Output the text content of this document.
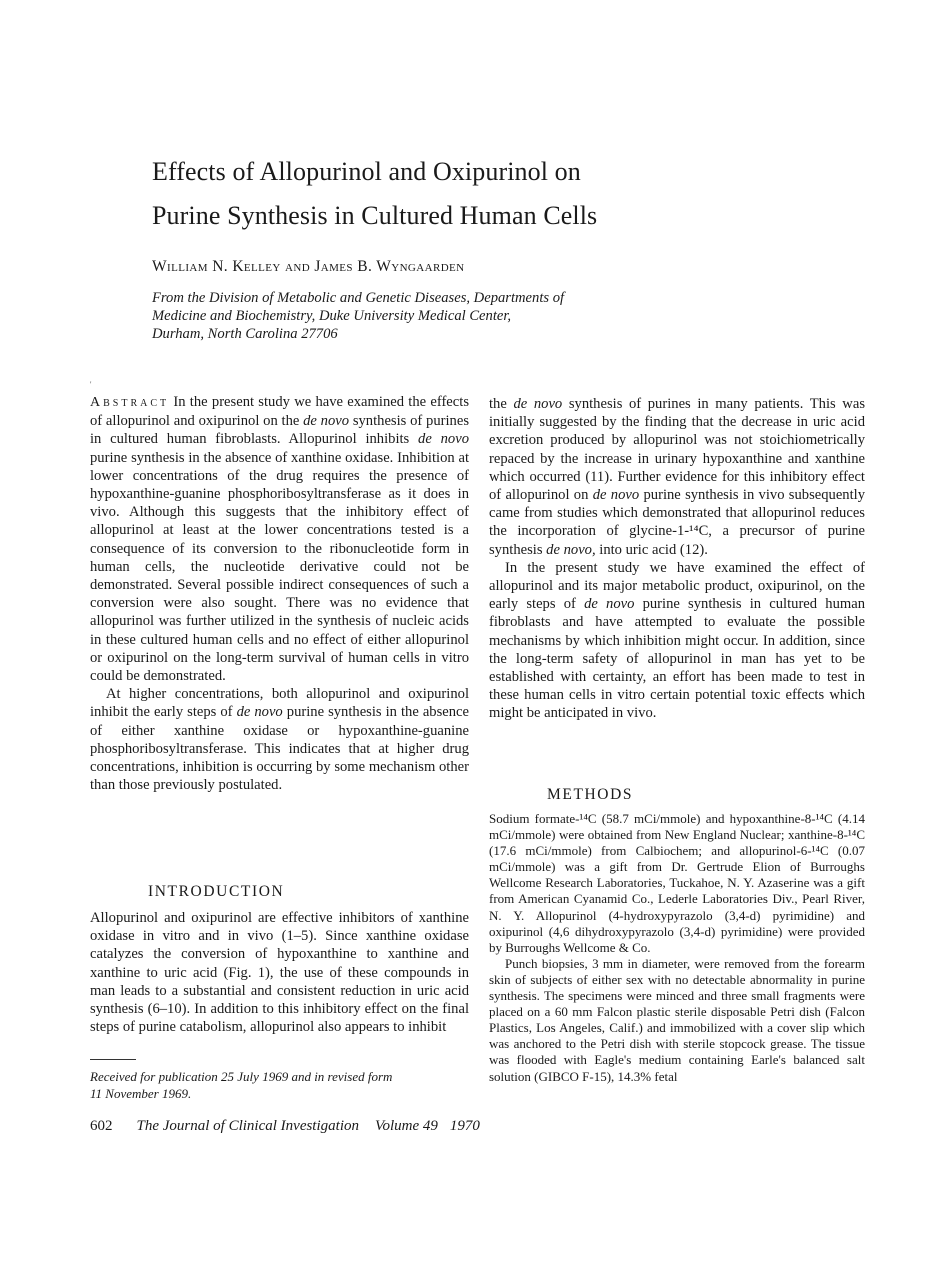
'
Effects of Allopurinol and Oxipurinol on
Purine Synthesis in Cultured Human Cells
William N. Kelley and James B. Wyngaarden
From the Division of Metabolic and Genetic Diseases, Departments of
Medicine and Biochemistry, Duke University Medical Center,
Durham, North Carolina 27706

Abstract In the present study we have examined the effects of allopurinol and oxipurinol on the de novo synthesis of purines in cultured human fibroblasts. Allopurinol inhibits de novo purine synthesis in the absence of xanthine oxidase. Inhibition at lower concentrations of the drug requires the presence of hypoxanthine-guanine phosphoribosyltransferase as it does in vivo. Although this suggests that the inhibitory effect of allopurinol at least at the lower concentrations tested is a consequence of its conversion to the ribonucleotide form in human cells, the nucleotide derivative could not be demonstrated. Several possible indirect consequences of such a conversion were also sought. There was no evidence that allopurinol was further utilized in the synthesis of nucleic acids in these cultured human cells and no effect of either allopurinol or oxipurinol on the long-term survival of human cells in vitro could be demonstrated.

At higher concentrations, both allopurinol and oxipurinol inhibit the early steps of de novo purine synthesis in the absence of either xanthine oxidase or hypoxanthine-guanine phosphoribosyltransferase. This indicates that at higher drug concentrations, inhibition is occurring by some mechanism other than those previously postulated.

INTRODUCTION

Allopurinol and oxipurinol are effective inhibitors of xanthine oxidase in vitro and in vivo (1–5). Since xanthine oxidase catalyzes the conversion of hypoxanthine to xanthine and xanthine to uric acid (Fig. 1), the use of these compounds in man leads to a substantial and consistent reduction in uric acid synthesis (6–10). In addition to this inhibitory effect on the final steps of purine catabolism, allopurinol also appears to inhibit

the de novo synthesis of purines in many patients. This was initially suggested by the finding that the decrease in uric acid excretion produced by allopurinol was not stoichiometrically repaced by the increase in urinary hypoxanthine and xanthine which occurred (11). Further evidence for this inhibitory effect of allopurinol on de novo purine synthesis in vivo subsequently came from studies which demonstrated that allopurinol reduces the incorporation of glycine-1-¹⁴C, a precursor of purine synthesis de novo, into uric acid (12).

In the present study we have examined the effect of allopurinol and its major metabolic product, oxipurinol, on the early steps of de novo purine synthesis in cultured human fibroblasts and have attempted to evaluate the possible mechanisms by which inhibition might occur. In addition, since the long-term safety of allopurinol in man has yet to be established with certainty, an effort has been made to test in these human cells in vitro certain potential toxic effects which might be anticipated in vivo.

METHODS

Sodium formate-¹⁴C (58.7 mCi/mmole) and hypoxanthine-8-¹⁴C (4.14 mCi/mmole) were obtained from New England Nuclear; xanthine-8-¹⁴C (17.6 mCi/mmole) from Calbiochem; and allopurinol-6-¹⁴C (0.07 mCi/mmole) was a gift from Dr. Gertrude Elion of Burroughs Wellcome Research Laboratories, Tuckahoe, N. Y. Azaserine was a gift from American Cyanamid Co., Lederle Laboratories Div., Pearl River, N. Y. Allopurinol (4-hydroxypyrazolo (3,4-d) pyrimidine) and oxipurinol (4,6 dihydroxypyrazolo (3,4-d) pyrimidine) were provided by Burroughs Wellcome & Co.

Punch biopsies, 3 mm in diameter, were removed from the forearm skin of subjects of either sex with no detectable abnormality in purine synthesis. The specimens were minced and three small fragments were placed on a 60 mm Falcon plastic sterile disposable Petri dish (Falcon Plastics, Los Angeles, Calif.) and immobilized with a cover slip which was anchored to the Petri dish with sterile stopcock grease. The tissue was flooded with Eagle's medium containing Earle's balanced salt solution (GIBCO F-15), 14.3% fetal

Received for publication 25 July 1969 and in revised form
11 November 1969.
602 The Journal of Clinical Investigation Volume 49 1970
